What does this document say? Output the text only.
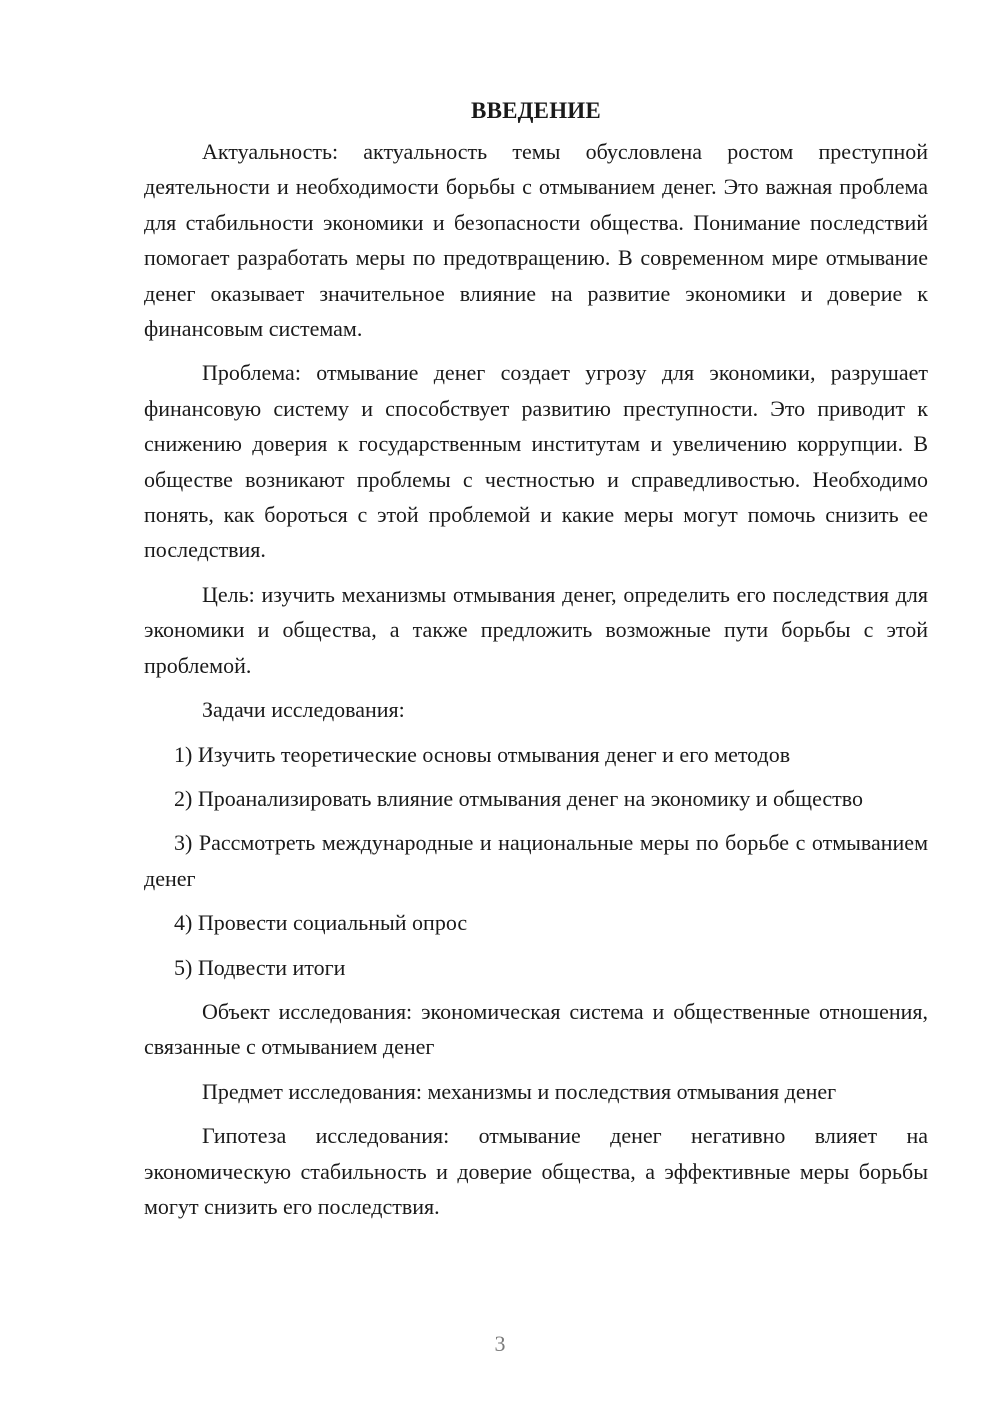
ВВЕДЕНИЕ

Актуальность: актуальность темы обусловлена ростом преступной деятельности и необходимости борьбы с отмыванием денег. Это важная проблема для стабильности экономики и безопасности общества. Понимание последствий помогает разработать меры по предотвращению. В современном мире отмывание денег оказывает значительное влияние на развитие экономики и доверие к финансовым системам.

Проблема: отмывание денег создает угрозу для экономики, разрушает финансовую систему и способствует развитию преступности. Это приводит к снижению доверия к государственным институтам и увеличению коррупции. В обществе возникают проблемы с честностью и справедливостью. Необходимо понять, как бороться с этой проблемой и какие меры могут помочь снизить ее последствия.

Цель: изучить механизмы отмывания денег, определить его последствия для экономики и общества, а также предложить возможные пути борьбы с этой проблемой.

Задачи исследования:

1) Изучить теоретические основы отмывания денег и его методов

2) Проанализировать влияние отмывания денег на экономику и общество

3) Рассмотреть международные и национальные меры по борьбе с отмыванием денег

4) Провести социальный опрос

5) Подвести итоги

Объект исследования: экономическая система и общественные отношения, связанные с отмыванием денег

Предмет исследования: механизмы и последствия отмывания денег

Гипотеза исследования: отмывание денег негативно влияет на экономическую стабильность и доверие общества, а эффективные меры борьбы могут снизить его последствия.

3
